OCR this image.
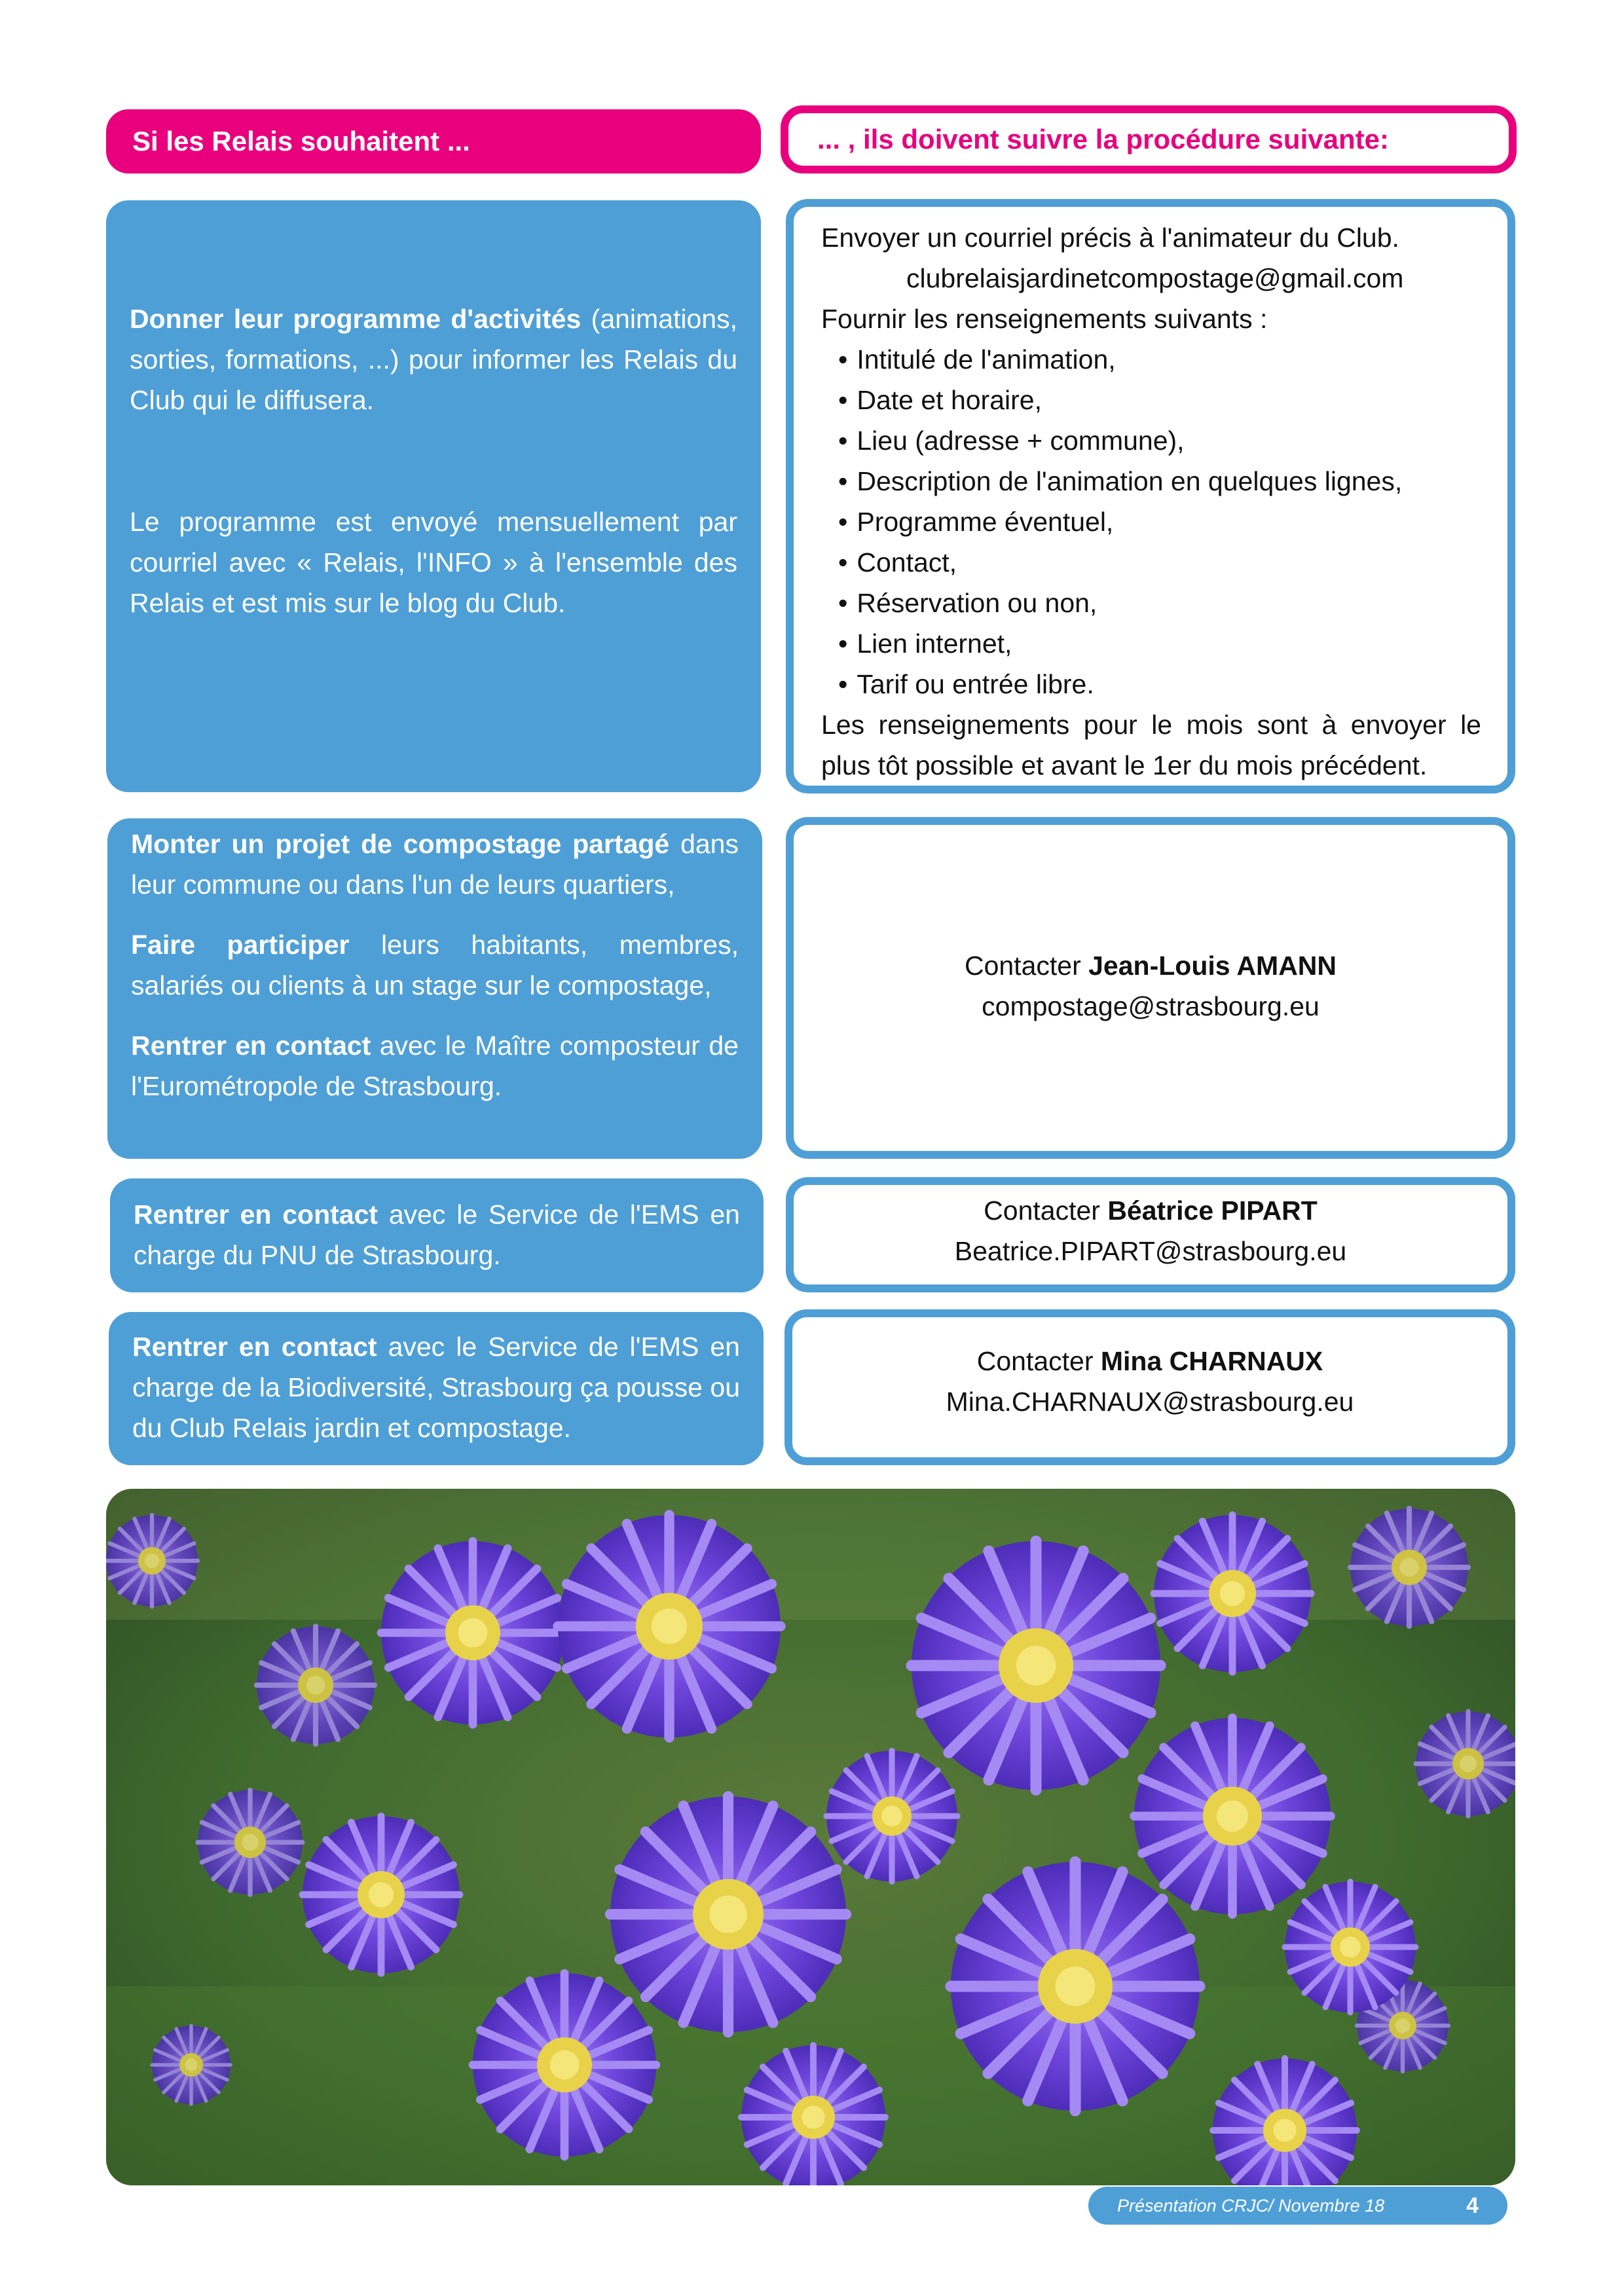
Si les Relais souhaitent ...	... , ils doivent suivre la procédure suivante:

Donner leur programme d'activités (animations, sorties, formations, ...) pour informer les Relais du Club qui le diffusera.

Le programme est envoyé mensuellement par courriel avec « Relais, l'INFO » à l'ensemble des Relais et est mis sur le blog du Club.

Envoyer un courriel précis à l'animateur du Club.

clubrelaisjardinetcompostage@gmail.com

Fournir les renseignements suivants :

• Intitulé de l'animation,
• Date et horaire,
• Lieu (adresse + commune),
• Description de l'animation en quelques lignes,
• Programme éventuel,
• Contact,
• Réservation ou non,
• Lien internet,
• Tarif ou entrée libre.

Les renseignements pour le mois sont à envoyer le plus tôt possible et avant le 1er du mois précédent.

Monter un projet de compostage partagé dans leur commune ou dans l'un de leurs quartiers,

Faire participer leurs habitants, membres, salariés ou clients à un stage sur le compostage,

Rentrer en contact avec le Maître composteur de l'Eurométropole de Strasbourg.

Contacter Jean-Louis AMANN

compostage@strasbourg.eu

Rentrer en contact avec le Service de l'EMS en charge du PNU de Strasbourg.

Contacter Béatrice PIPART

Beatrice.PIPART@strasbourg.eu

Rentrer en contact avec le Service de l'EMS en charge de la Biodiversité, Strasbourg ça pousse ou du Club Relais jardin et compostage.

Contacter Mina CHARNAUX

Mina.CHARNAUX@strasbourg.eu

Présentation CRJC/ Novembre 18	4
